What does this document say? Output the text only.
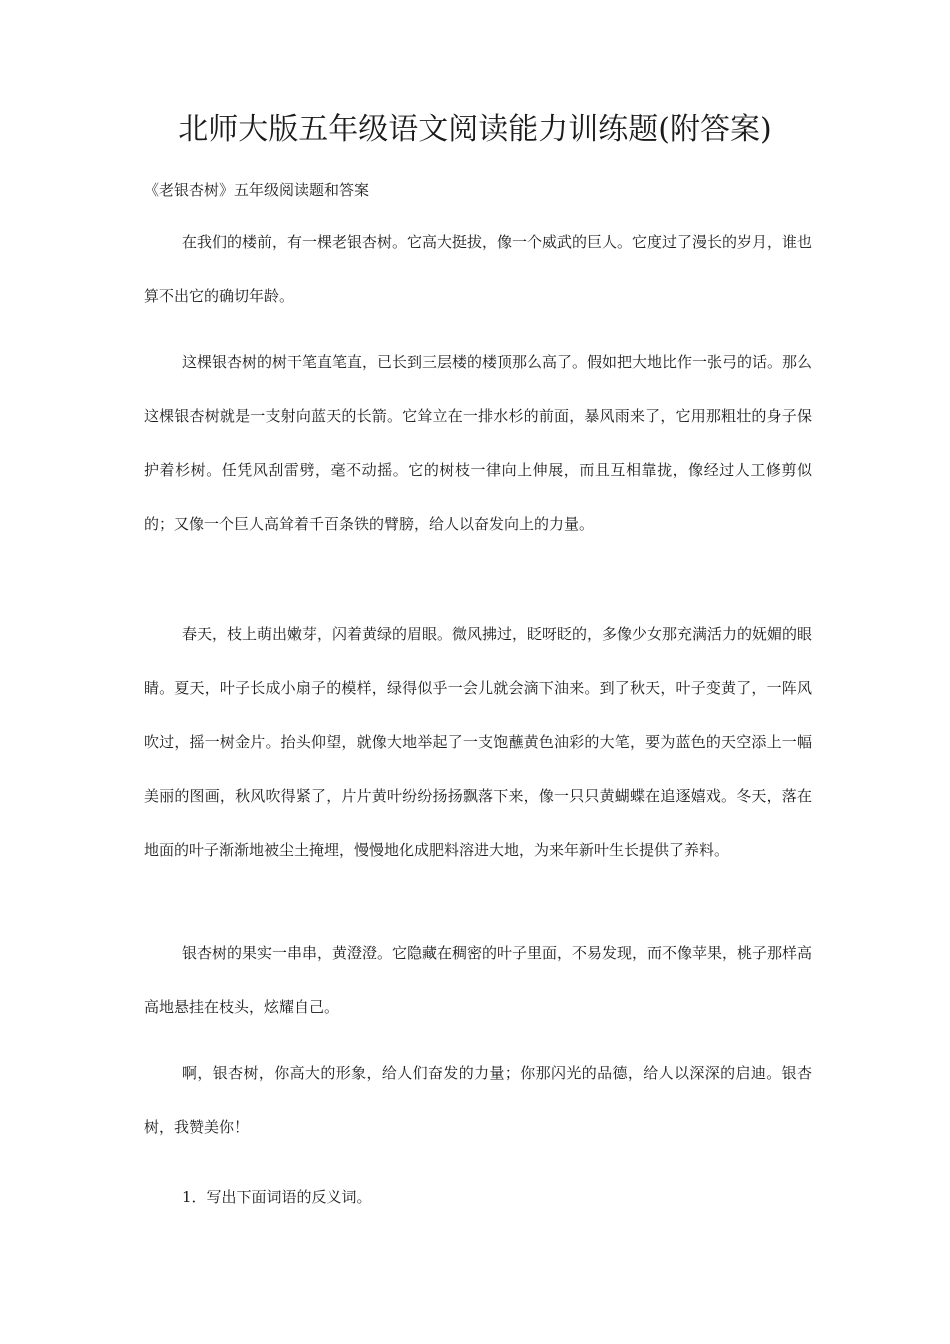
北师大版五年级语文阅读能力训练题(附答案)
《老银杏树》五年级阅读题和答案

在我们的楼前，有一棵老银杏树。它高大挺拔，像一个威武的巨人。它度过了漫长的岁月，谁也算不出它的确切年龄。

这棵银杏树的树干笔直笔直，已长到三层楼的楼顶那么高了。假如把大地比作一张弓的话。那么这棵银杏树就是一支射向蓝天的长箭。它耸立在一排水杉的前面，暴风雨来了，它用那粗壮的身子保护着杉树。任凭风刮雷劈，毫不动摇。它的树枝一律向上伸展，而且互相靠拢，像经过人工修剪似的；又像一个巨人高耸着千百条铁的臂膀，给人以奋发向上的力量。

春天，枝上萌出嫩芽，闪着黄绿的眉眼。微风拂过，眨呀眨的，多像少女那充满活力的妩媚的眼睛。夏天，叶子长成小扇子的模样，绿得似乎一会儿就会滴下油来。到了秋天，叶子变黄了，一阵风吹过，摇一树金片。抬头仰望，就像大地举起了一支饱蘸黄色油彩的大笔，要为蓝色的天空添上一幅美丽的图画，秋风吹得紧了，片片黄叶纷纷扬扬飘落下来，像一只只黄蝴蝶在追逐嬉戏。冬天，落在地面的叶子渐渐地被尘土掩埋，慢慢地化成肥料溶进大地，为来年新叶生长提供了养料。

银杏树的果实一串串，黄澄澄。它隐藏在稠密的叶子里面，不易发现，而不像苹果，桃子那样高高地悬挂在枝头，炫耀自己。

啊，银杏树，你高大的形象，给人们奋发的力量；你那闪光的品德，给人以深深的启迪。银杏树，我赞美你！

1．写出下面词语的反义词。
